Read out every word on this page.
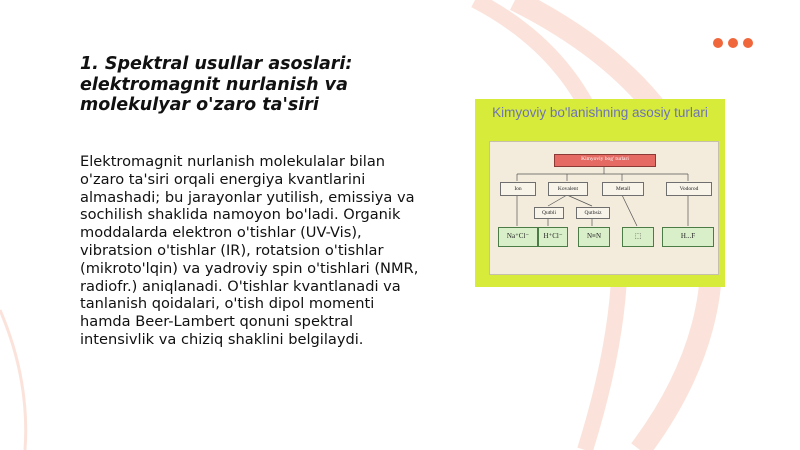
1. Spektral usullar asoslari: elektromagnit nurlanish va molekulyar o'zaro ta'siri

Elektromagnit nurlanish molekulalar bilan o'zaro ta'siri orqali energiya kvantlarini almashadi; bu jarayonlar yutilish, emissiya va sochilish shaklida namoyon bo'ladi. Organik moddalarda elektron o'tishlar (UV-Vis), vibratsion o'tishlar (IR), rotatsion o'tishlar (mikroto'lqin) va yadroviy spin o'tishlari (NMR, radiofr.) aniqlanadi. O'tishlar kvantlanadi va tanlanish qoidalari, o'tish dipol momenti hamda Beer-Lambert qonuni spektral intensivlik va chiziq shaklini belgilaydi.

Kimyoviy bo'lanishning asosiy turlari
Kimyoviy bog' turlari
Ion	Kovalent	Metall	Vodorod
Qutbli	Qutbsiz
Na⁺Cl⁻	H⁺Cl⁻	N≡N	⬚	H...F
